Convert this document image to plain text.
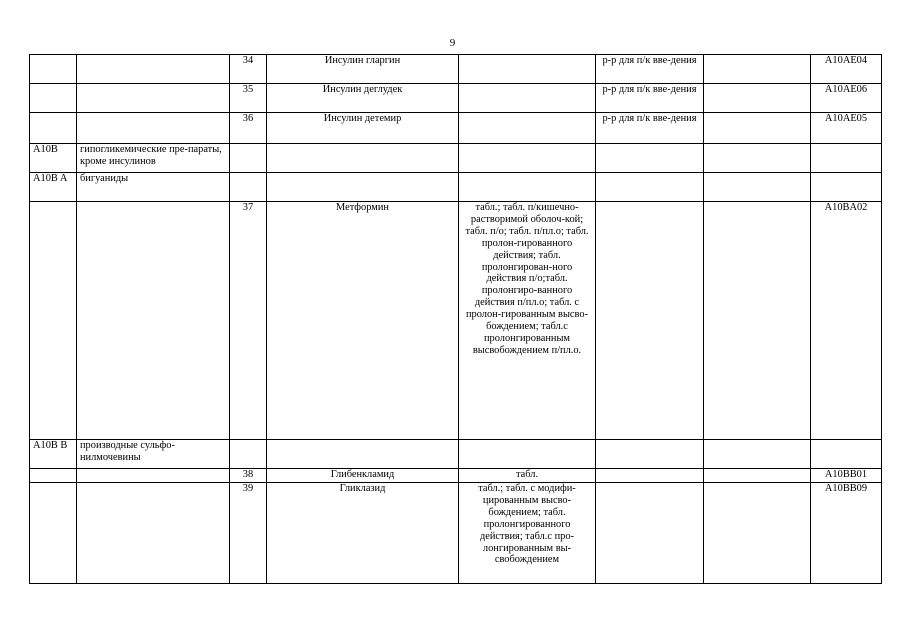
9
		34	Инсулин гларгин		р-р для п/к вве-дения		A10AE04
		35	Инсулин деглудек		р-р для п/к вве-дения		A10AE06
		36	Инсулин детемир		р-р для п/к вве-дения		A10AE05
A10B	гипогликемические пре-параты, кроме инсулинов						
A10B A	бигуаниды						
		37	Метформин	табл.; табл. п/кишечно-растворимой оболоч-кой; табл. п/о; табл. п/пл.о; табл. пролон-гированного действия; табл. пролонгирован-ного действия п/о;табл. пролонгиро-ванного действия п/пл.о; табл. с пролон-гированным высво-бождением; табл.с пролонгированным высвобождением п/пл.о.			A10BA02
A10B B	производные сульфо-нилмочевины						
		38	Глибенкламид	табл.			A10BB01
		39	Гликлазид	табл.; табл. с модифи-цированным высво-бождением; табл. пролонгированного действия; табл.с про-лонгированным вы-свобождением			A10BB09
